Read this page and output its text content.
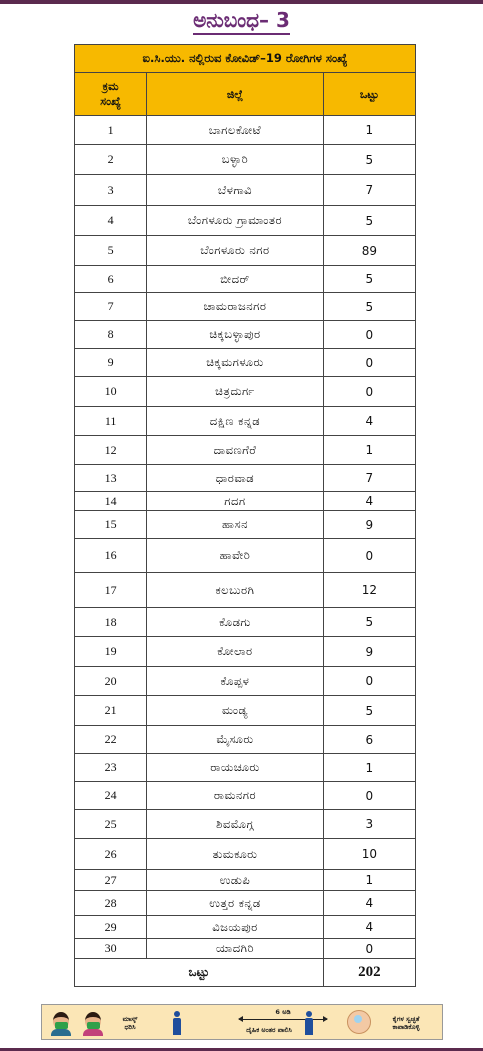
ಅನುಬಂಧ– 3
ಐ.ಸಿ.ಯು. ನಲ್ಲಿರುವ ಕೋವಿಡ್–19 ರೋಗಿಗಳ ಸಂಖ್ಯೆ		

ಕ್ರಮ
ಸಂಖ್ಯೆ	ಜಿಲ್ಲೆ	ಒಟ್ಟು
1	ಬಾಗಲಕೋಟೆ	1
2	ಬಳ್ಳಾರಿ	5
3	ಬೆಳಗಾವಿ	7
4	ಬೆಂಗಳೂರು ಗ್ರಾಮಾಂತರ	5
5	ಬೆಂಗಳೂರು ನಗರ	89
6	ಬೀದರ್	5
7	ಚಾಮರಾಜನಗರ	5
8	ಚಿಕ್ಕಬಳ್ಳಾಪುರ	0
9	ಚಿಕ್ಕಮಗಳೂರು	0
10	ಚಿತ್ರದುರ್ಗ	0
11	ದಕ್ಷಿಣ ಕನ್ನಡ	4
12	ದಾವಣಗೆರೆ	1
13	ಧಾರವಾಡ	7
14	ಗದಗ	4
15	ಹಾಸನ	9
16	ಹಾವೇರಿ	0
17	ಕಲಬುರಗಿ	12
18	ಕೊಡಗು	5
19	ಕೋಲಾರ	9
20	ಕೊಪ್ಪಳ	0
21	ಮಂಡ್ಯ	5
22	ಮೈಸೂರು	6
23	ರಾಯಚೂರು	1
24	ರಾಮನಗರ	0
25	ಶಿವಮೊಗ್ಗ	3
26	ತುಮಕೂರು	10
27	ಉಡುಪಿ	1
28	ಉತ್ತರ ಕನ್ನಡ	4
29	ವಿಜಯಪುರ	4
30	ಯಾದಗಿರಿ	0
ಒಟ್ಟು		202
ಮಾಸ್ಕ್
ಧರಿಸಿ
6 ಅಡಿ
ದೈಹಿಕ ಅಂತರ ಪಾಲಿಸಿ
ಕೈಗಳ ಸ್ವಚ್ಛತೆ
ಕಾಪಾಡಿಕೊಳ್ಳಿ
